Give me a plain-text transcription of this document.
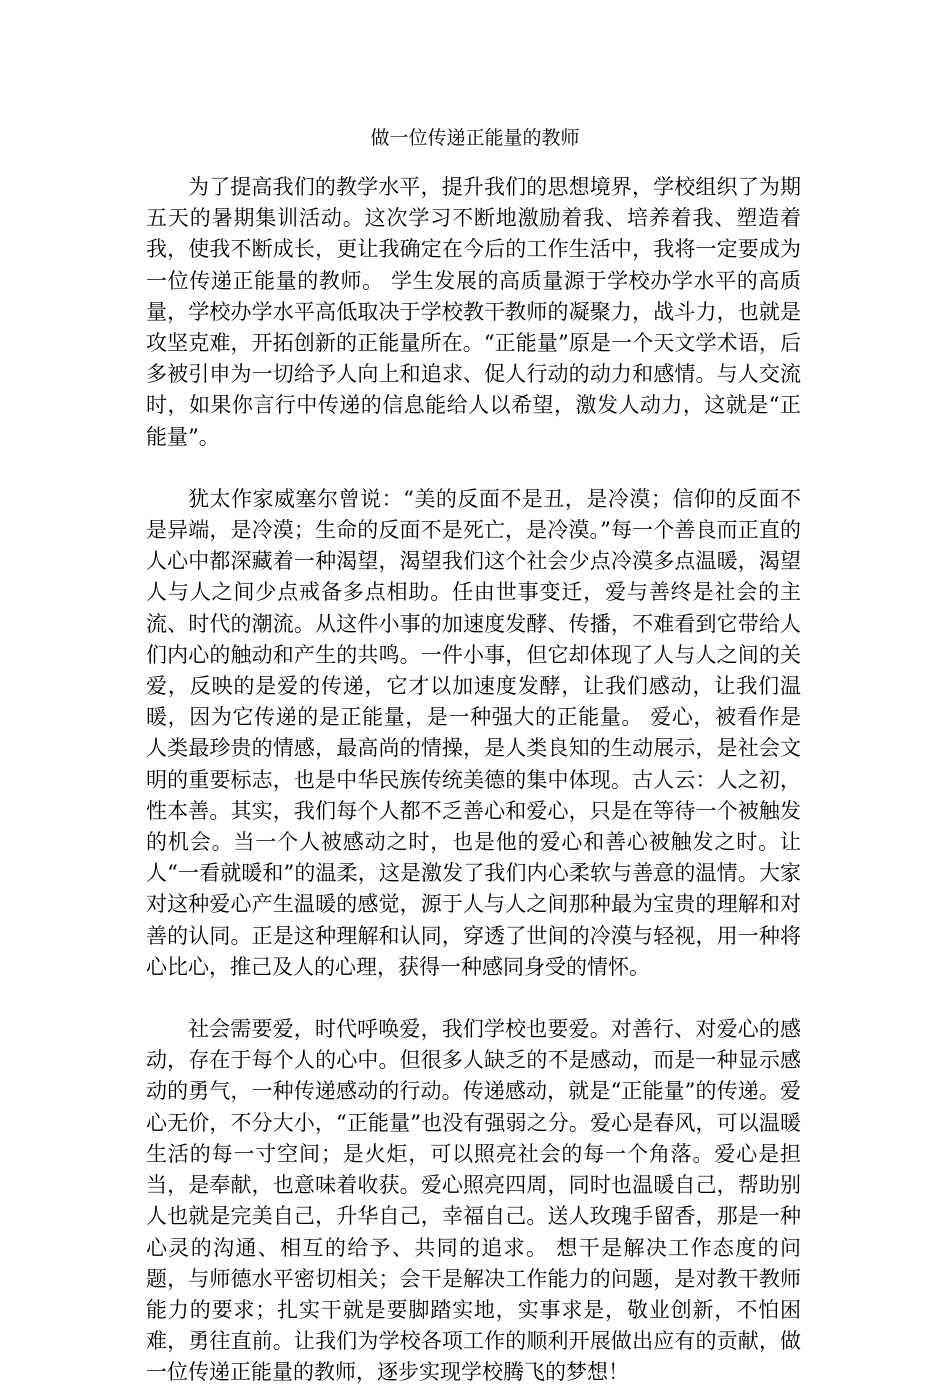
做一位传递正能量的教师

为了提高我们的教学水平，提升我们的思想境界，学校组织了为期五天的暑期集训活动。这次学习不断地激励着我、培养着我、塑造着我，使我不断成长，更让我确定在今后的工作生活中，我将一定要成为一位传递正能量的教师。 学生发展的高质量源于学校办学水平的高质量，学校办学水平高低取决于学校教干教师的凝聚力，战斗力，也就是攻坚克难，开拓创新的正能量所在。“正能量”原是一个天文学术语，后多被引申为一切给予人向上和追求、促人行动的动力和感情。与人交流时，如果你言行中传递的信息能给人以希望，激发人动力，这就是“正能量”。

犹太作家威塞尔曾说：“美的反面不是丑，是冷漠；信仰的反面不是异端，是冷漠；生命的反面不是死亡，是冷漠。”每一个善良而正直的人心中都深藏着一种渴望，渴望我们这个社会少点冷漠多点温暖，渴望人与人之间少点戒备多点相助。任由世事变迁，爱与善终是社会的主流、时代的潮流。从这件小事的加速度发酵、传播，不难看到它带给人们内心的触动和产生的共鸣。一件小事，但它却体现了人与人之间的关爱，反映的是爱的传递，它才以加速度发酵，让我们感动，让我们温暖，因为它传递的是正能量，是一种强大的正能量。 爱心，被看作是人类最珍贵的情感，最高尚的情操，是人类良知的生动展示，是社会文明的重要标志，也是中华民族传统美德的集中体现。古人云：人之初，性本善。其实，我们每个人都不乏善心和爱心，只是在等待一个被触发的机会。当一个人被感动之时，也是他的爱心和善心被触发之时。让人“一看就暖和”的温柔，这是激发了我们内心柔软与善意的温情。大家对这种爱心产生温暖的感觉，源于人与人之间那种最为宝贵的理解和对善的认同。正是这种理解和认同，穿透了世间的冷漠与轻视，用一种将心比心，推己及人的心理，获得一种感同身受的情怀。

社会需要爱，时代呼唤爱，我们学校也要爱。对善行、对爱心的感动，存在于每个人的心中。但很多人缺乏的不是感动，而是一种显示感动的勇气，一种传递感动的行动。传递感动，就是“正能量”的传递。爱心无价，不分大小，“正能量”也没有强弱之分。爱心是春风，可以温暖生活的每一寸空间；是火炬，可以照亮社会的每一个角落。爱心是担当，是奉献，也意味着收获。爱心照亮四周，同时也温暖自己，帮助别人也就是完美自己，升华自己，幸福自己。送人玫瑰手留香，那是一种心灵的沟通、相互的给予、共同的追求。 想干是解决工作态度的问题，与师德水平密切相关；会干是解决工作能力的问题，是对教干教师能力的要求；扎实干就是要脚踏实地，实事求是，敬业创新，不怕困难，勇往直前。让我们为学校各项工作的顺利开展做出应有的贡献，做一位传递正能量的教师，逐步实现学校腾飞的梦想！
